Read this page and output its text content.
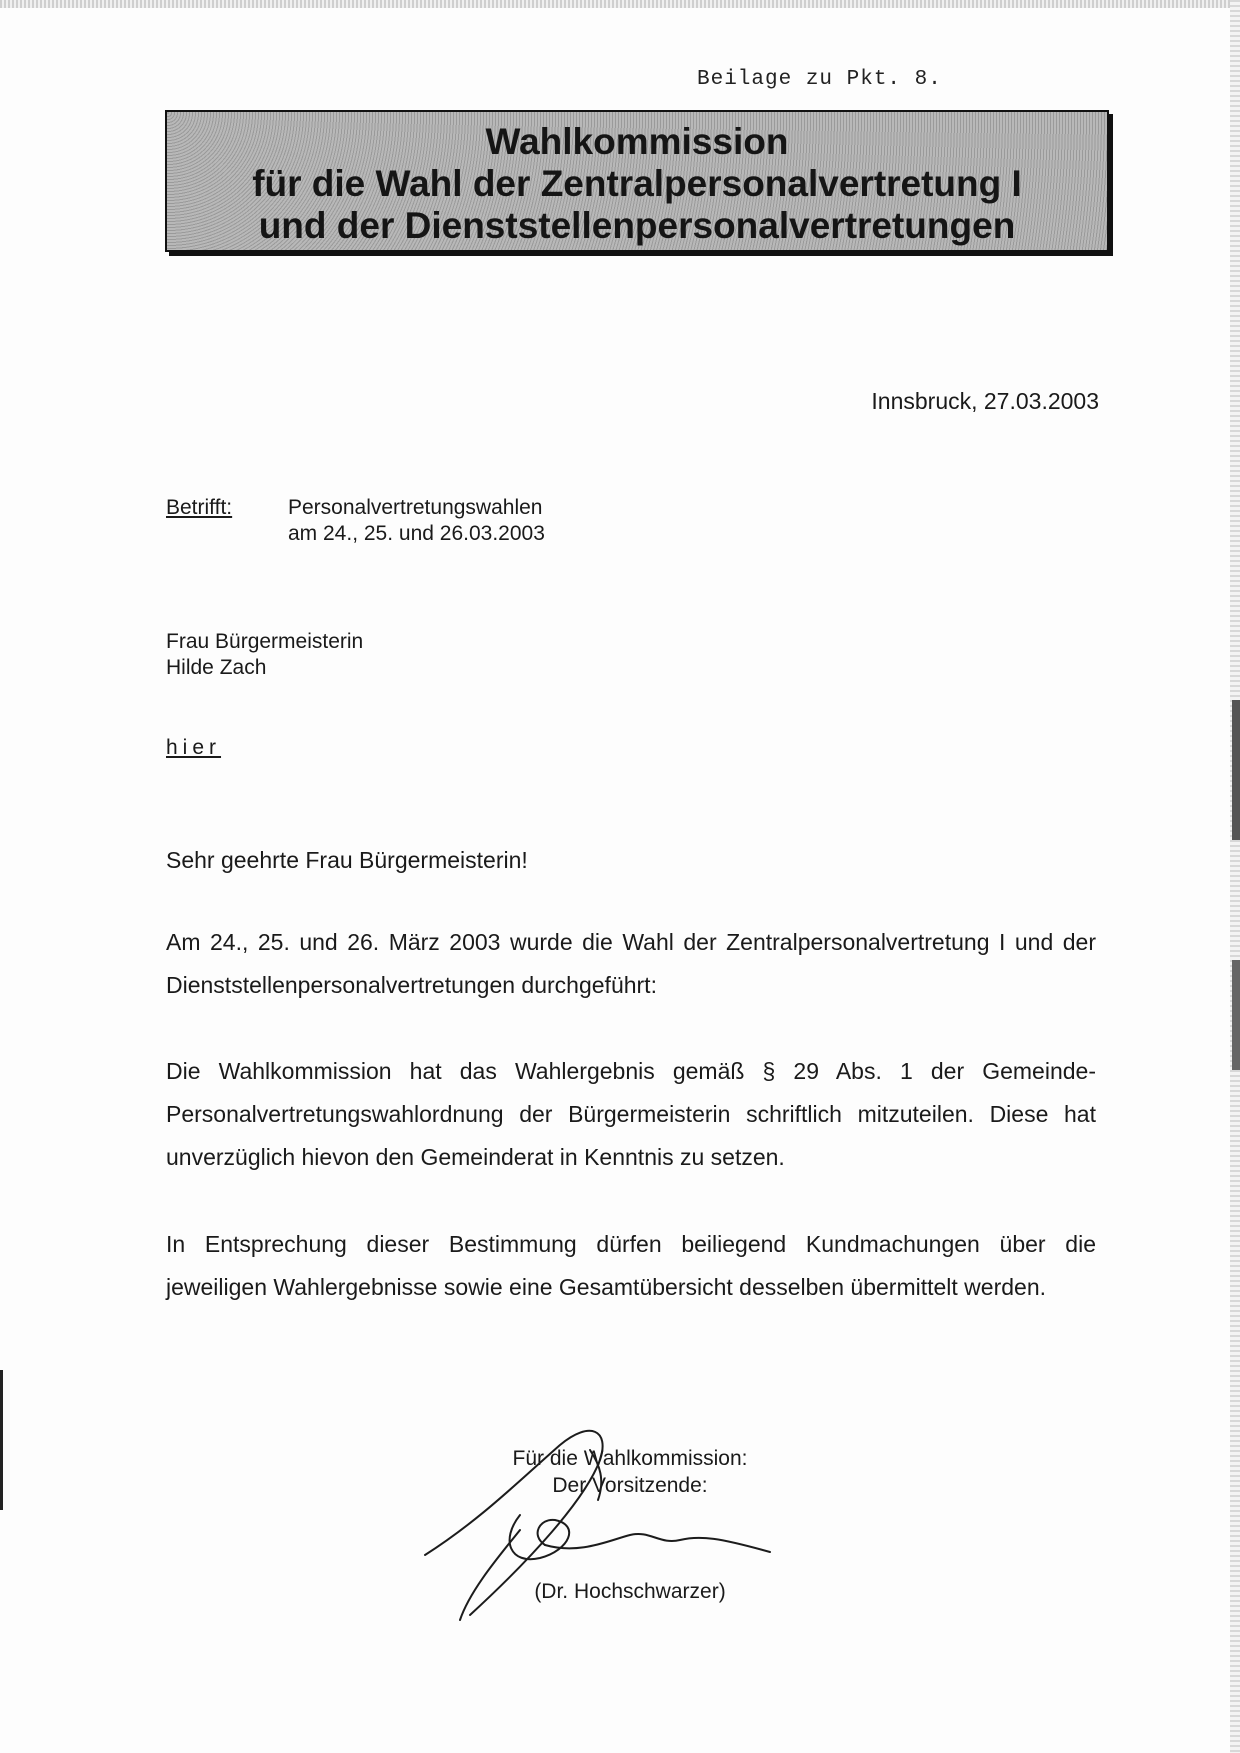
Beilage zu Pkt. 8.
Wahlkommission
für die Wahl der Zentralpersonalvertretung I
und der Dienststellenpersonalvertretungen
Innsbruck, 27.03.2003
Betrifft:	Personalvertretungswahlen
am 24., 25. und 26.03.2003
Frau Bürgermeisterin
Hilde Zach
hier
Sehr geehrte Frau Bürgermeisterin!
Am 24., 25. und 26. März 2003 wurde die Wahl der Zentralpersonalvertretung I und der Dienststellenpersonalvertretungen durchgeführt:
Die Wahlkommission hat das Wahlergebnis gemäß § 29 Abs. 1 der Gemeinde-Personalvertretungswahlordnung der Bürgermeisterin schriftlich mitzuteilen. Diese hat unverzüglich hievon den Gemeinderat in Kenntnis zu setzen.
In Entsprechung dieser Bestimmung dürfen beiliegend Kundmachungen über die jeweiligen Wahlergebnisse sowie eine Gesamtübersicht desselben übermittelt werden.
Für die Wahlkommission:
Der Vorsitzende:
(Dr. Hochschwarzer)
z.K., Jol
27.3.03
WA 61%
FCG	85%
15%
